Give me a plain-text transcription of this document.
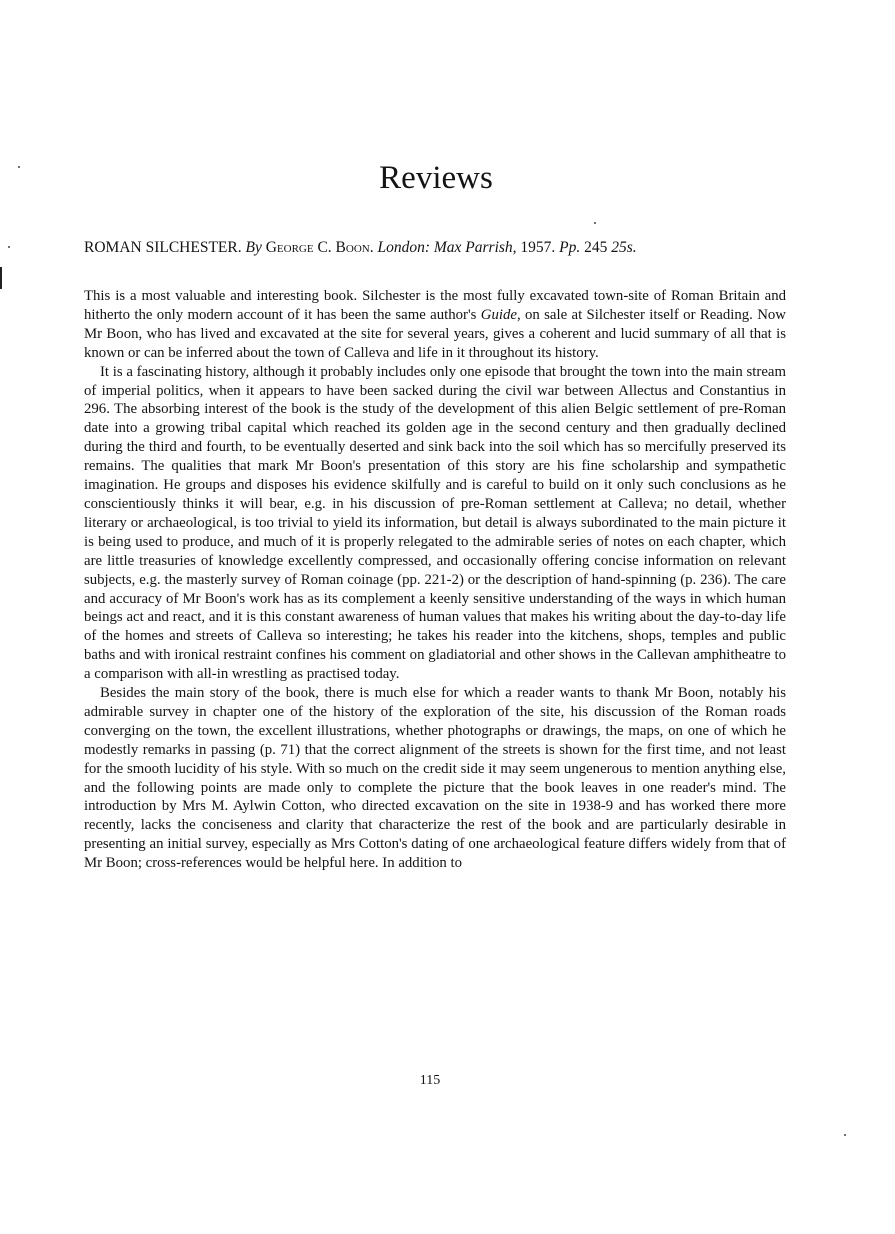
Reviews

ROMAN SILCHESTER. By George C. Boon. London: Max Parrish, 1957. Pp. 245 25s.

This is a most valuable and interesting book. Silchester is the most fully excavated town-site of Roman Britain and hitherto the only modern account of it has been the same author's Guide, on sale at Silchester itself or Reading. Now Mr Boon, who has lived and excavated at the site for several years, gives a coherent and lucid summary of all that is known or can be inferred about the town of Calleva and life in it throughout its history.

It is a fascinating history, although it probably includes only one episode that brought the town into the main stream of imperial politics, when it appears to have been sacked during the civil war between Allectus and Constantius in 296. The absorbing interest of the book is the study of the development of this alien Belgic settlement of pre-Roman date into a growing tribal capital which reached its golden age in the second century and then gradually declined during the third and fourth, to be eventually deserted and sink back into the soil which has so mercifully preserved its remains. The qualities that mark Mr Boon's presentation of this story are his fine scholarship and sympathetic imagination. He groups and disposes his evidence skilfully and is careful to build on it only such conclusions as he conscientiously thinks it will bear, e.g. in his discussion of pre-Roman settlement at Calleva; no detail, whether literary or archaeological, is too trivial to yield its information, but detail is always subordinated to the main picture it is being used to produce, and much of it is properly relegated to the admirable series of notes on each chapter, which are little treasuries of knowledge excellently compressed, and occasionally offering concise information on relevant subjects, e.g. the masterly survey of Roman coinage (pp. 221-2) or the description of hand-spinning (p. 236). The care and accuracy of Mr Boon's work has as its complement a keenly sensitive understanding of the ways in which human beings act and react, and it is this constant awareness of human values that makes his writing about the day-to-day life of the homes and streets of Calleva so interesting; he takes his reader into the kitchens, shops, temples and public baths and with ironical restraint confines his comment on gladiatorial and other shows in the Callevan amphitheatre to a comparison with all-in wrestling as practised today.

Besides the main story of the book, there is much else for which a reader wants to thank Mr Boon, notably his admirable survey in chapter one of the history of the exploration of the site, his discussion of the Roman roads converging on the town, the excellent illustrations, whether photographs or drawings, the maps, on one of which he modestly remarks in passing (p. 71) that the correct alignment of the streets is shown for the first time, and not least for the smooth lucidity of his style. With so much on the credit side it may seem ungenerous to mention anything else, and the following points are made only to complete the picture that the book leaves in one reader's mind. The introduction by Mrs M. Aylwin Cotton, who directed excavation on the site in 1938-9 and has worked there more recently, lacks the conciseness and clarity that characterize the rest of the book and are particularly desirable in presenting an initial survey, especially as Mrs Cotton's dating of one archaeological feature differs widely from that of Mr Boon; cross-references would be helpful here. In addition to

115
